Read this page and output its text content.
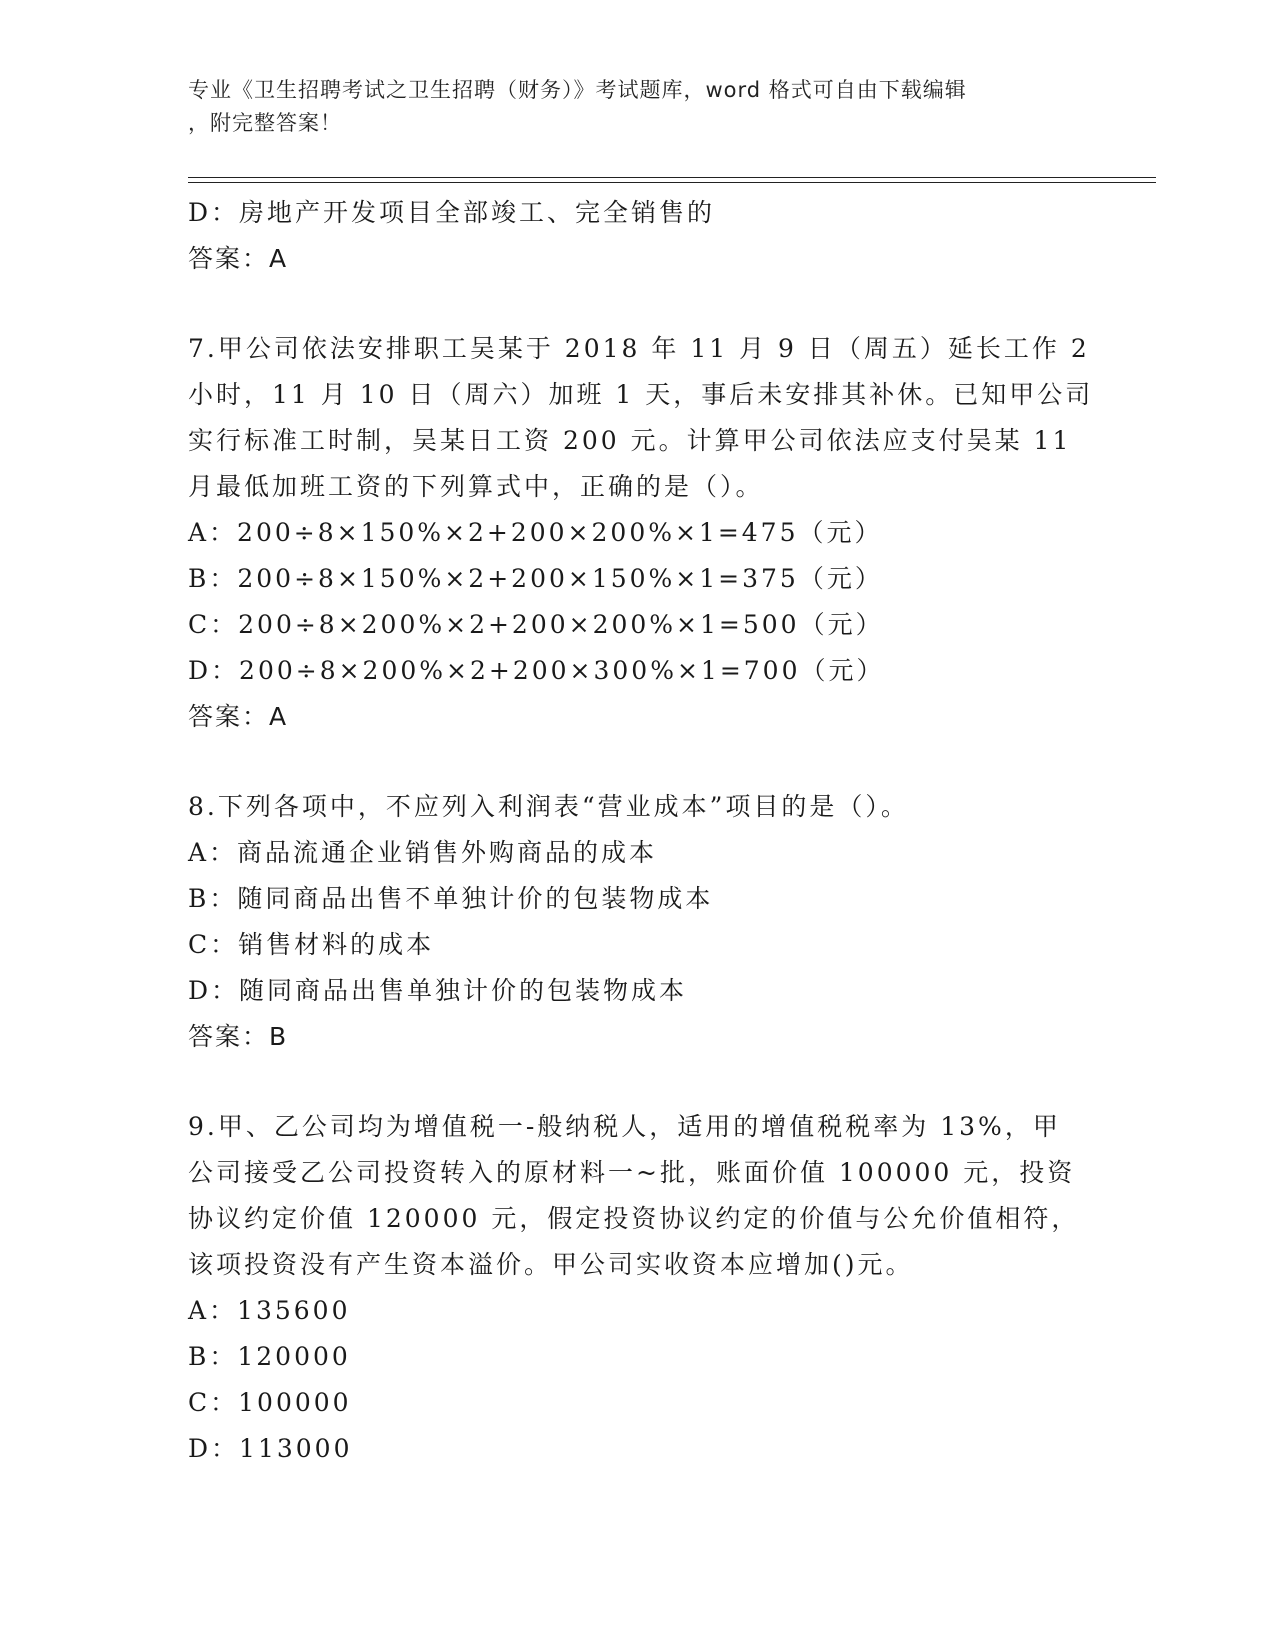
专业《卫生招聘考试之卫生招聘（财务）》考试题库，word 格式可自由下载编辑
，附完整答案！
D：房地产开发项目全部竣工、完全销售的
答案：A
7.甲公司依法安排职工吴某于 2018 年 11 月 9 日（周五）延长工作 2
小时，11 月 10 日（周六）加班 1 天，事后未安排其补休。已知甲公司
实行标准工时制，吴某日工资 200 元。计算甲公司依法应支付吴某 11
月最低加班工资的下列算式中，正确的是（）。
A：200÷8×150%×2+200×200%×1=475（元）
B：200÷8×150%×2+200×150%×1=375（元）
C：200÷8×200%×2+200×200%×1=500（元）
D：200÷8×200%×2+200×300%×1=700（元）
答案：A
8.下列各项中，不应列入利润表“营业成本”项目的是（）。
A：商品流通企业销售外购商品的成本
B：随同商品出售不单独计价的包装物成本
C：销售材料的成本
D：随同商品出售单独计价的包装物成本
答案：B
9.甲、乙公司均为增值税一-般纳税人，适用的增值税税率为 13%，甲
公司接受乙公司投资转入的原材料一~批，账面价值 100000 元，投资
协议约定价值 120000 元，假定投资协议约定的价值与公允价值相符，
该项投资没有产生资本溢价。甲公司实收资本应增加()元。
A：135600
B：120000
C：100000
D：113000
